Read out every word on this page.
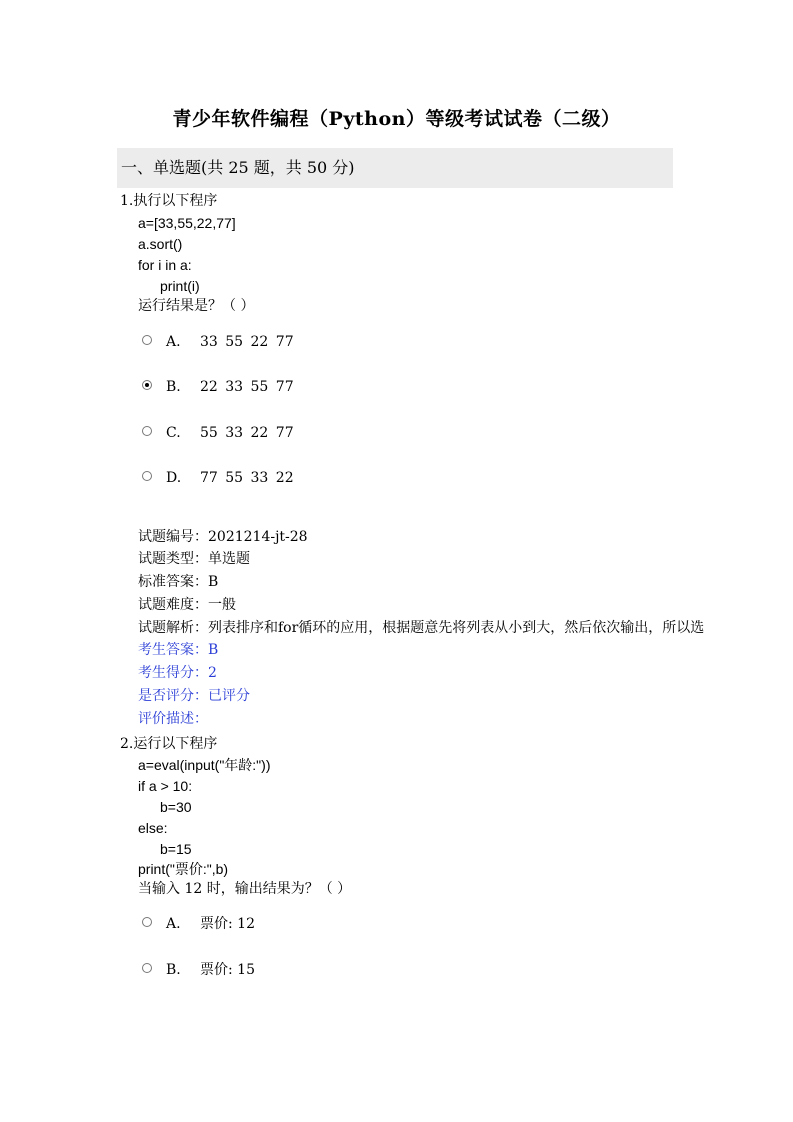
青少年软件编程（Python）等级考试试卷（二级）
一、单选题(共 25 题，共 50 分)
1.执行以下程序
a=[33,55,22,77]
a.sort()
for i in a:
print(i)
运行结果是？（ ）
A. 33 55 22 77
B. 22 33 55 77
C. 55 33 22 77
D. 77 55 33 22
试题编号：2021214-jt-28
试题类型：单选题
标准答案：B
试题难度：一般
试题解析：列表排序和for循环的应用，根据题意先将列表从小到大，然后依次输出，所以选
考生答案：B
考生得分：2
是否评分：已评分
评价描述：
2.运行以下程序
a=eval(input("年龄:"))
if a > 10:
b=30
else:
b=15
print("票价:",b)
当输入 12 时，输出结果为？（ ）
A. 票价: 12
B. 票价: 15
